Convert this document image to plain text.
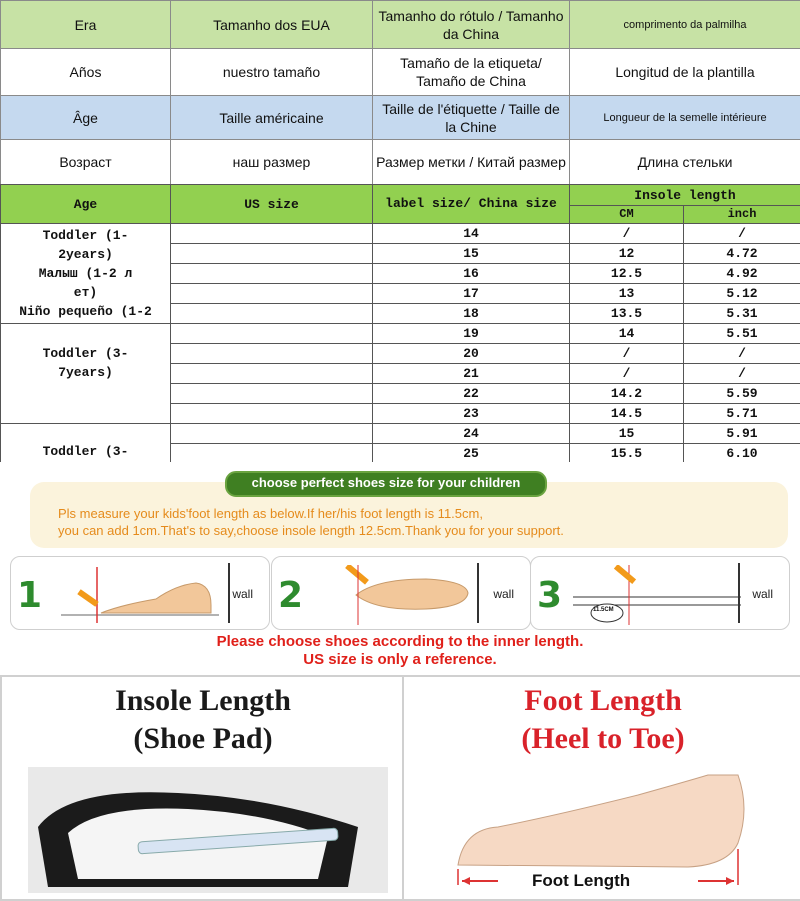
Era	Tamanho dos EUA	Tamanho do rótulo / Tamanho da China	comprimento da palmilha
Años	nuestro tamaño	Tamaño de la etiqueta/ Tamaño de China	Longitud de la plantilla
Âge	Taille américaine	Taille de l'étiquette / Taille de la Chine	Longueur de la semelle intérieure
Возраст	наш размер	Размер метки / Китай размер	Длина стельки
Age	US size	label size/ China size	Insole length	
			CM	inch

Toddler (1-
2years)
Малыш (1-2 л
ет)
Niño pequeño (1-2		14	/	/
		15	12	4.72
		16	12.5	4.92
		17	13	5.12
		18	13.5	5.31

Toddler (3-
7years)		19	14	5.51
		20	/	/
		21	/	/
		22	14.2	5.59
		23	14.5	5.71

Toddler (3-		24	15	5.91
		25	15.5	6.10
Pls measure your kids'foot length as below.If her/his foot length is 11.5cm,
you can add 1cm.That's to say,choose insole length 12.5cm.Thank you for your support.
choose perfect shoes size for your children
1	wall 2	wall 3	11.5CM
wall
Please choose shoes according to the inner length.
US size is only a reference.
Insole Length
(Shoe Pad)
Foot Length
(Heel to Toe)
Foot Length
